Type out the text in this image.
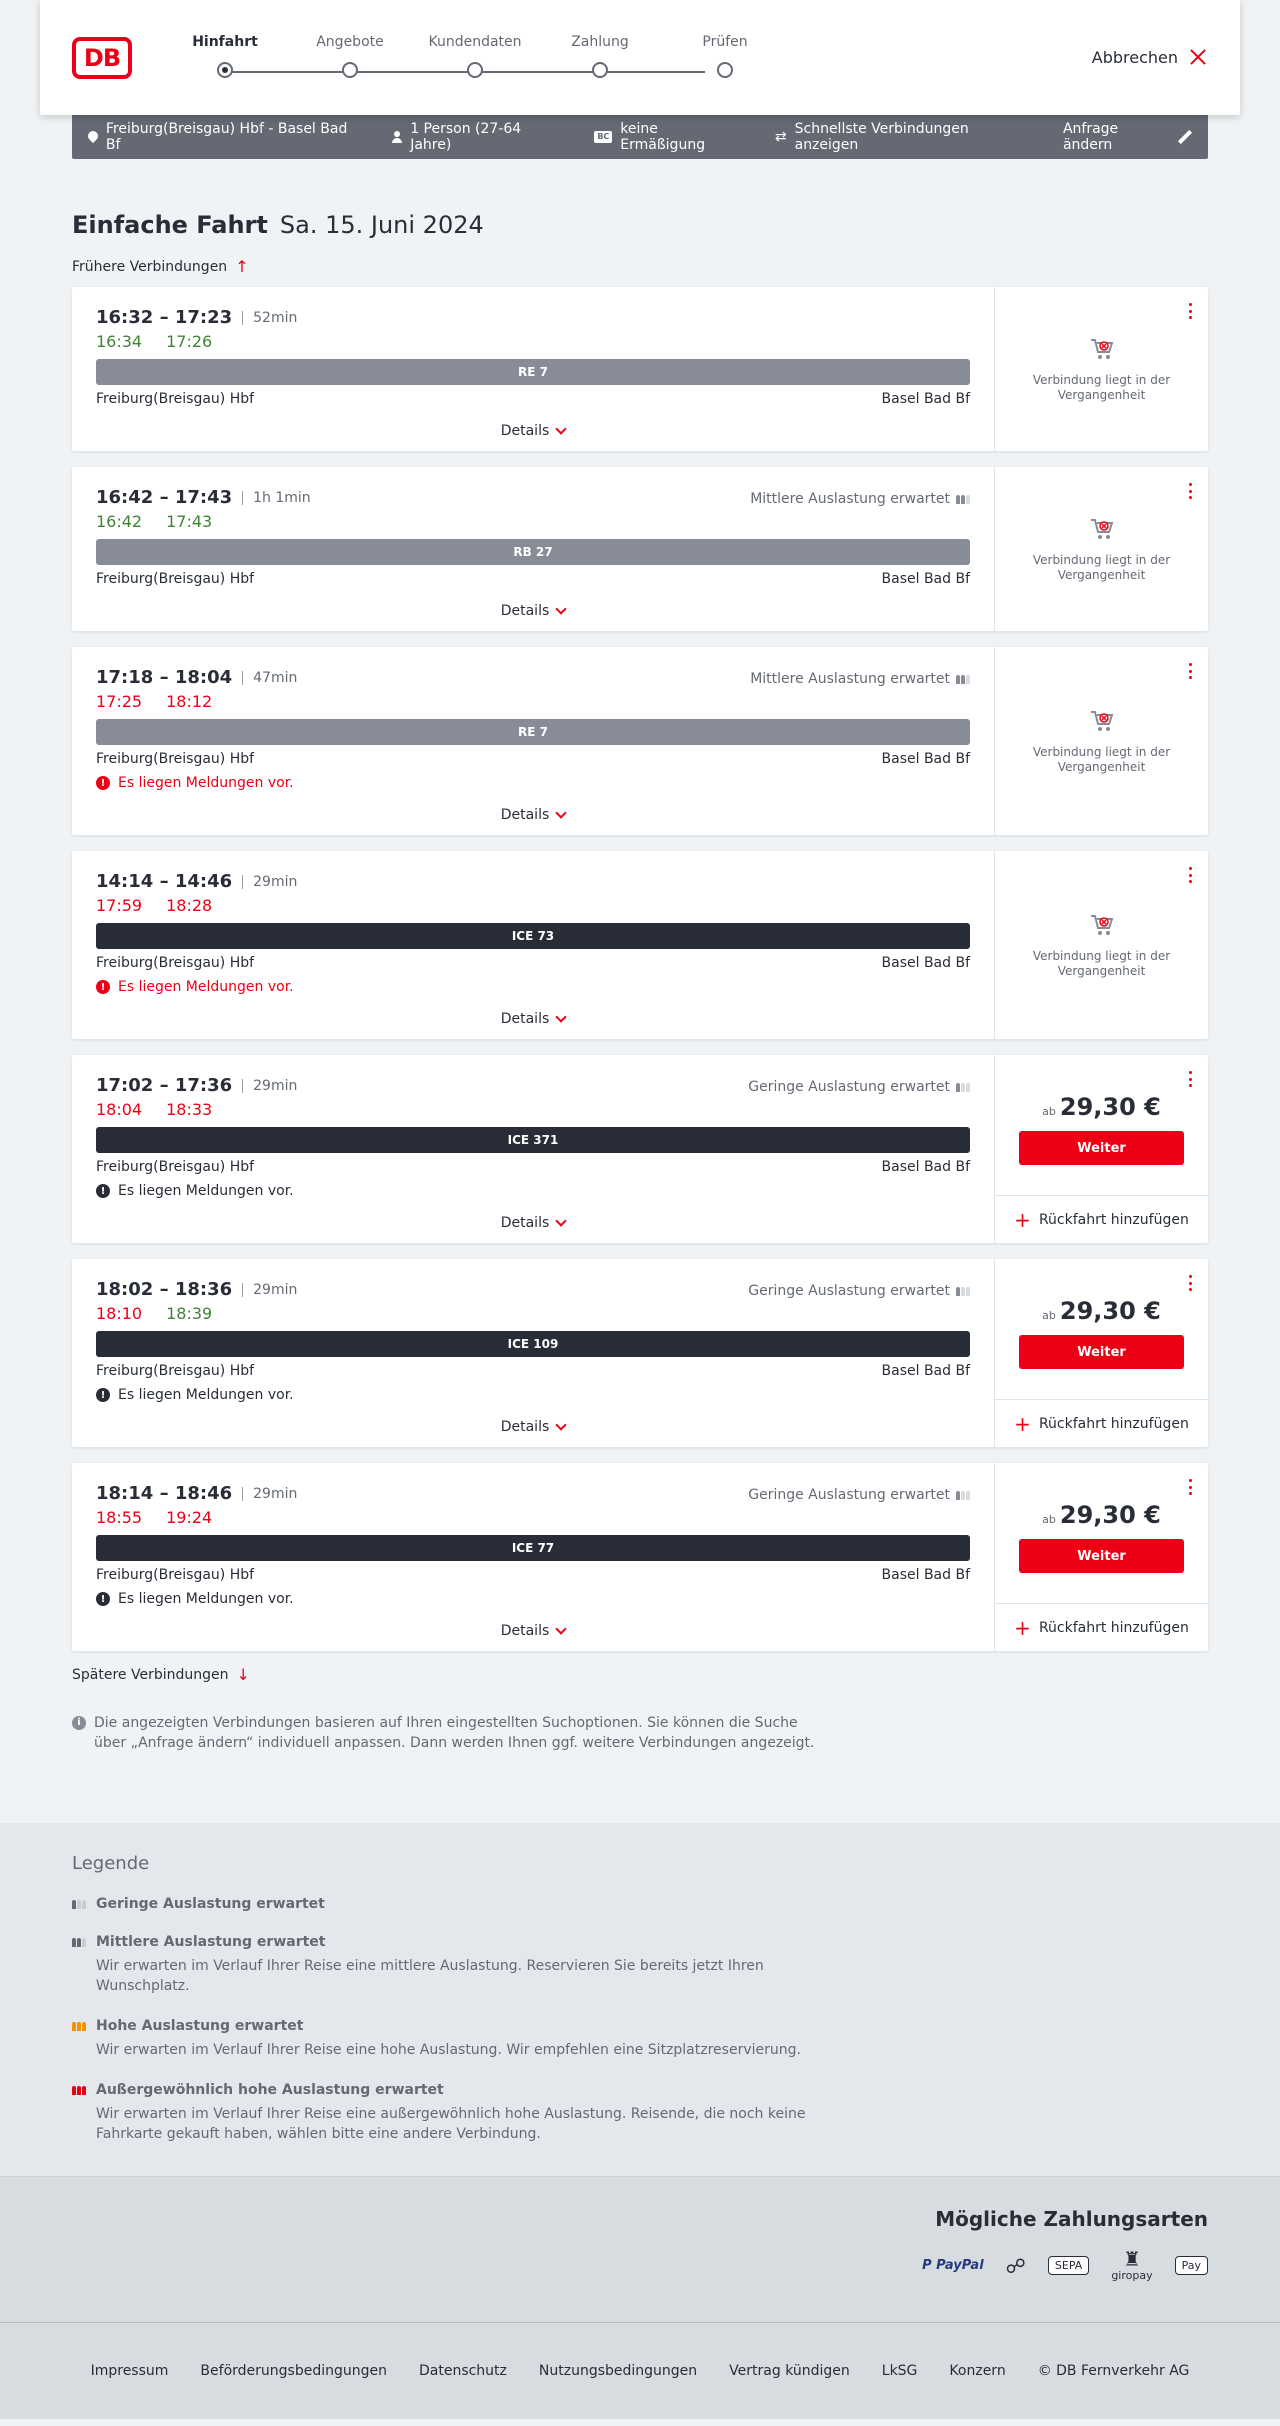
DB
Hinfahrt	Angebote	Kundendaten	Zahlung	Prüfen
Abbrechen
Freiburg(Breisgau) Hbf - Basel Bad Bf
1 Person (27-64 Jahre)
BC keine Ermäßigung	⇄ Schnellste Verbindungen anzeigen
Anfrage ändern
Einfache Fahrt Sa. 15. Juni 2024
Frühere Verbindungen ↑
16:32 – 17:23	52min
16:34 17:26
RE 7
Freiburg(Breisgau) Hbf	Basel Bad Bf
Details
Verbindung liegt in der Vergangenheit
16:42 – 17:43	1h 1min	Mittlere Auslastung erwartet
16:42 17:43
RB 27
Freiburg(Breisgau) Hbf	Basel Bad Bf
Details
Verbindung liegt in der Vergangenheit
17:18 – 18:04	47min	Mittlere Auslastung erwartet
17:25 18:12
RE 7
Freiburg(Breisgau) Hbf	Basel Bad Bf
! Es liegen Meldungen vor.
Details
Verbindung liegt in der Vergangenheit
14:14 – 14:46	29min
17:59 18:28
ICE 73
Freiburg(Breisgau) Hbf	Basel Bad Bf
! Es liegen Meldungen vor.
Details
Verbindung liegt in der Vergangenheit
17:02 – 17:36	29min	Geringe Auslastung erwartet
18:04 18:33
ICE 371
Freiburg(Breisgau) Hbf	Basel Bad Bf
! Es liegen Meldungen vor.
Details
ab 29,30 €
Weiter
+ Rückfahrt hinzufügen
18:02 – 18:36	29min	Geringe Auslastung erwartet
18:10 18:39
ICE 109
Freiburg(Breisgau) Hbf	Basel Bad Bf
! Es liegen Meldungen vor.
Details
ab 29,30 €
Weiter
+ Rückfahrt hinzufügen
18:14 – 18:46	29min	Geringe Auslastung erwartet
18:55 19:24
ICE 77
Freiburg(Breisgau) Hbf	Basel Bad Bf
! Es liegen Meldungen vor.
Details
ab 29,30 €
Weiter
+ Rückfahrt hinzufügen
Spätere Verbindungen ↓
i Die angezeigten Verbindungen basieren auf Ihren eingestellten Suchoptionen. Sie können die Suche über „Anfrage ändern“ individuell anpassen. Dann werden Ihnen ggf. weitere Verbindungen angezeigt.
Legende
Geringe Auslastung erwartet
Mittlere Auslastung erwartet
Wir erwarten im Verlauf Ihrer Reise eine mittlere Auslastung. Reservieren Sie bereits jetzt Ihren Wunschplatz.
Hohe Auslastung erwartet
Wir erwarten im Verlauf Ihrer Reise eine hohe Auslastung. Wir empfehlen eine Sitzplatzreservierung.
Außergewöhnlich hohe Auslastung erwartet
Wir erwarten im Verlauf Ihrer Reise eine außergewöhnlich hohe Auslastung. Reisende, die noch keine Fahrkarte gekauft haben, wählen bitte eine andere Verbindung.
Mögliche Zahlungsarten
P PayPal ☍	SEPA	♜
giropay
Pay
Impressum Beförderungsbedingungen Datenschutz Nutzungsbedingungen Vertrag kündigen LkSG Konzern © DB Fernverkehr AG
